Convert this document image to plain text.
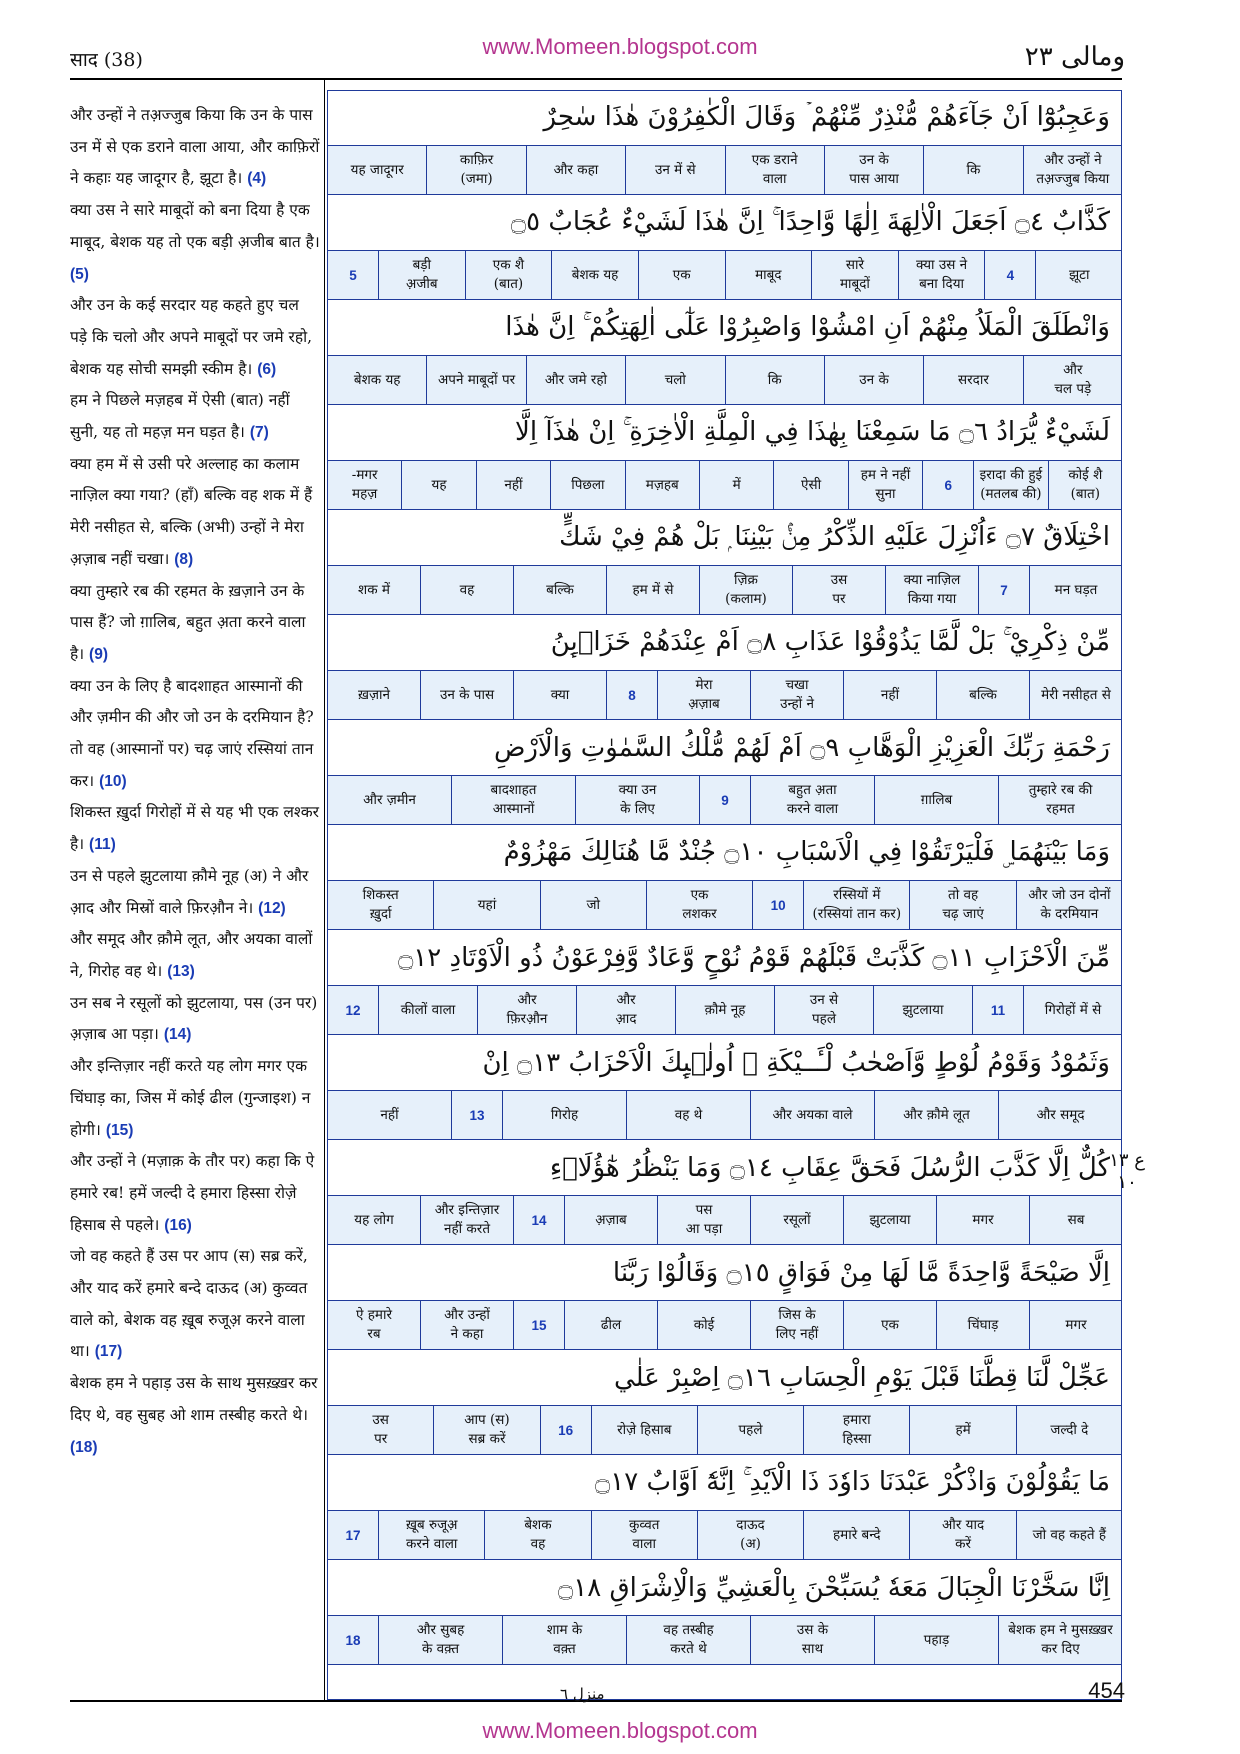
www.Momeen.blogspot.com
साद (38)	ومالی ٢٣
और उन्हों ने तअ़ज्जुब किया कि उन के पास उन में से एक डराने वाला आया, और काफ़िरों ने कहाः यह जादूगर है, झूटा है। (4)
क्या उस ने सारे माबूदों को बना दिया है एक माबूद, बेशक यह तो एक बड़ी अ़जीब बात है। (5)
और उन के कई सरदार यह कहते हुए चल पड़े कि चलो और अपने माबूदों पर जमे रहो, बेशक यह सोची समझी स्कीम है। (6)
हम ने पिछले मज़हब में ऐसी (बात) नहीं सुनी, यह तो महज़ मन घड़त है। (7)
क्या हम में से उसी परे अल्लाह का कलाम नाज़िल क्या गया? (हाँ) बल्कि वह शक में हैं मेरी नसीहत से, बल्कि (अभी) उन्हों ने मेरा अ़ज़ाब नहीं चखा। (8)
क्या तुम्हारे रब की रहमत के ख़ज़ाने उन के पास हैं? जो ग़ालिब, बहुत अ़ता करने वाला है। (9)
क्या उन के लिए है बादशाहत आस्मानों की और ज़मीन की और जो उन के दरमियान है? तो वह (आस्मानों पर) चढ़ जाएं रस्सियां तान कर। (10)
शिकस्त ख़ुर्दा गिरोहों में से यह भी एक लश्कर है। (11)
उन से पहले झुटलाया क़ौमे नूह (अ) ने और आ़द और मिस्रों वाले फ़िरऔ़न ने। (12)
और समूद और क़ौमे लूत, और अयका वालों ने, गिरोह वह थे। (13)
उन सब ने रसूलों को झुटलाया, पस (उन पर) अ़ज़ाब आ पड़ा। (14)
और इन्तिज़ार नहीं करते यह लोग मगर एक चिंघाड़ का, जिस में कोई ढील (गुन्जाइश) न होगी। (15)
और उन्हों ने (मज़ाक़ के तौर पर) कहा कि ऐ हमारे रब! हमें जल्दी दे हमारा हिस्सा रोज़े हिसाब से पहले। (16)
जो वह कहते हैं उस पर आप (स) सब्र करें, और याद करें हमारे बन्दे दाऊद (अ) कुव्वत वाले को, बेशक वह ख़ूब रुजूअ़ करने वाला था। (17)
बेशक हम ने पहाड़ उस के साथ मुसख़्ख़र कर दिए थे, वह सुबह ओ शाम तस्बीह करते थे। (18)
وَعَجِبُوْٓا اَنْ جَآءَهُمْ مُّنْذِرٌ مِّنْهُمْ ۡ وَقَالَ الْكٰفِرُوْنَ هٰذَا سٰحِرٌ
और उन्हों ने
तअ़ज्जुब किया
कि
उन के
पास आया
एक डराने
वाला
उन में से
और कहा
काफ़िर
(जमा)
यह जादूगर
كَذَّابٌ ۝٤ اَجَعَلَ الْاٰلِهَةَ اِلٰهًا وَّاحِدًا ۚ اِنَّ هٰذَا لَشَيْءٌ عُجَابٌ ۝٥
झूटा
4
क्या उस ने
बना दिया
सारे
माबूदों
माबूद
एक
बेशक यह
एक शै
(बात)
बड़ी
अ़जीब
5
وَانْطَلَقَ الْمَلَاُ مِنْهُمْ اَنِ امْشُوْا وَاصْبِرُوْا عَلٰٓى اٰلِهَتِكُمْ ۚ اِنَّ هٰذَا
और
चल पड़े
सरदार
उन के
कि
चलो
और जमे रहो
अपने माबूदों पर
बेशक यह
لَشَيْءٌ يُّرَادُ ۝٦ مَا سَمِعْنَا بِهٰذَا فِي الْمِلَّةِ الْاٰخِرَةِ ۚ اِنْ هٰذَآ اِلَّا
कोई शै
(बात)
इरादा की हुई
(मतलब की)
6
हम ने नहीं सुना
ऐसी
में
मज़हब
पिछला
नहीं
यह
मगर-
महज़
اخْتِلَاقٌ ۝٧ ءَاُنْزِلَ عَلَيْهِ الذِّكْرُ مِنْۢ بَيْنِنَا ۭ بَلْ هُمْ فِيْ شَكٍّ
मन घड़त
7
क्या नाज़िल
किया गया
उस
पर
ज़िक्र
(कलाम)
हम में से
बल्कि
वह
शक में
مِّنْ ذِكْرِيْ ۚ بَلْ لَّمَّا يَذُوْقُوْا عَذَابِ ۝٨ اَمْ عِنْدَهُمْ خَزَاۗىِٕنُ
मेरी नसीहत से
बल्कि
नहीं
चखा
उन्हों ने
मेरा
अ़ज़ाब
8
क्या
उन के पास
ख़ज़ाने
رَحْمَةِ رَبِّكَ الْعَزِيْزِ الْوَهَّابِ ۝٩ اَمْ لَهُمْ مُّلْكُ السَّمٰوٰتِ وَالْاَرْضِ
तुम्हारे रब की
रहमत
ग़ालिब
बहुत अ़ता
करने वाला
9
क्या उन
के लिए
बादशाहत
आस्मानों
और ज़मीन
وَمَا بَيْنَهُمَا ۣ فَلْيَرْتَقُوْا فِي الْاَسْبَابِ ۝١٠ جُنْدٌ مَّا هُنَالِكَ مَهْزُوْمٌ
और जो उन दोनों
के दरमियान
तो वह
चढ़ जाएं
रस्सियों में
(रस्सियां तान कर)
10
एक
लशकर
जो
यहां
शिकस्त
ख़ुर्दा
مِّنَ الْاَحْزَابِ ۝١١ كَذَّبَتْ قَبْلَهُمْ قَوْمُ نُوْحٍ وَّعَادٌ وَّفِرْعَوْنُ ذُو الْاَوْتَادِ ۝١٢
गिरोहों में से
11
झुटलाया
उन से
पहले
क़ौमे नूह
और
आ़द
और
फ़िरऔ़न
कीलों वाला
12
وَثَمُوْدُ وَقَوْمُ لُوْطٍ وَّاَصْحٰبُ لْـَٔــيْكَةِ ۭ اُولٰۗىِٕكَ الْاَحْزَابُ ۝١٣ اِنْ
और समूद
और क़ौमे लूत
और अयका वाले
वह थे
गिरोह
13
नहीं
كُلٌّ اِلَّا كَذَّبَ الرُّسُلَ فَحَقَّ عِقَابِ ۝١٤ وَمَا يَنْظُرُ هٰٓؤُلَاۗءِ
सब
मगर
झुटलाया
रसूलों
पस
आ पड़ा
अ़ज़ाब
14
और इन्तिज़ार
नहीं करते
यह लोग
اِلَّا صَيْحَةً وَّاحِدَةً مَّا لَهَا مِنْ فَوَاقٍ ۝١٥ وَقَالُوْا رَبَّنَا
मगर
चिंघाड़
एक
जिस के
लिए नहीं
कोई
ढील
15
और उन्हों
ने कहा
ऐ हमारे
रब
عَجِّلْ لَّنَا قِطَّنَا قَبْلَ يَوْمِ الْحِسَابِ ۝١٦ اِصْبِرْ عَلٰي
जल्दी दे
हमें
हमारा
हिस्सा
पहले
रोज़े हिसाब
16
आप (स)
सब्र करें
उस
पर
مَا يَقُوْلُوْنَ وَاذْكُرْ عَبْدَنَا دَاوٗدَ ذَا الْاَيْدِ ۚ اِنَّهٗٓ اَوَّابٌ ۝١٧
जो वह कहते हैं
और याद
करें
हमारे बन्दे
दाऊद
(अ)
कुव्वत
वाला
बेशक
वह
ख़ूब रुजूअ़
करने वाला
17
اِنَّا سَخَّرْنَا الْجِبَالَ مَعَهٗ يُسَبِّحْنَ بِالْعَشِيِّ وَالْاِشْرَاقِ ۝١٨
बेशक हम ने मुसख़्ख़र
कर दिए
पहाड़
उस के
साथ
वह तस्बीह
करते थे
शाम के
वक़्त
और सुबह
के वक़्त
18
ع ١٣
١٠
منزل ٦	454
www.Momeen.blogspot.com
